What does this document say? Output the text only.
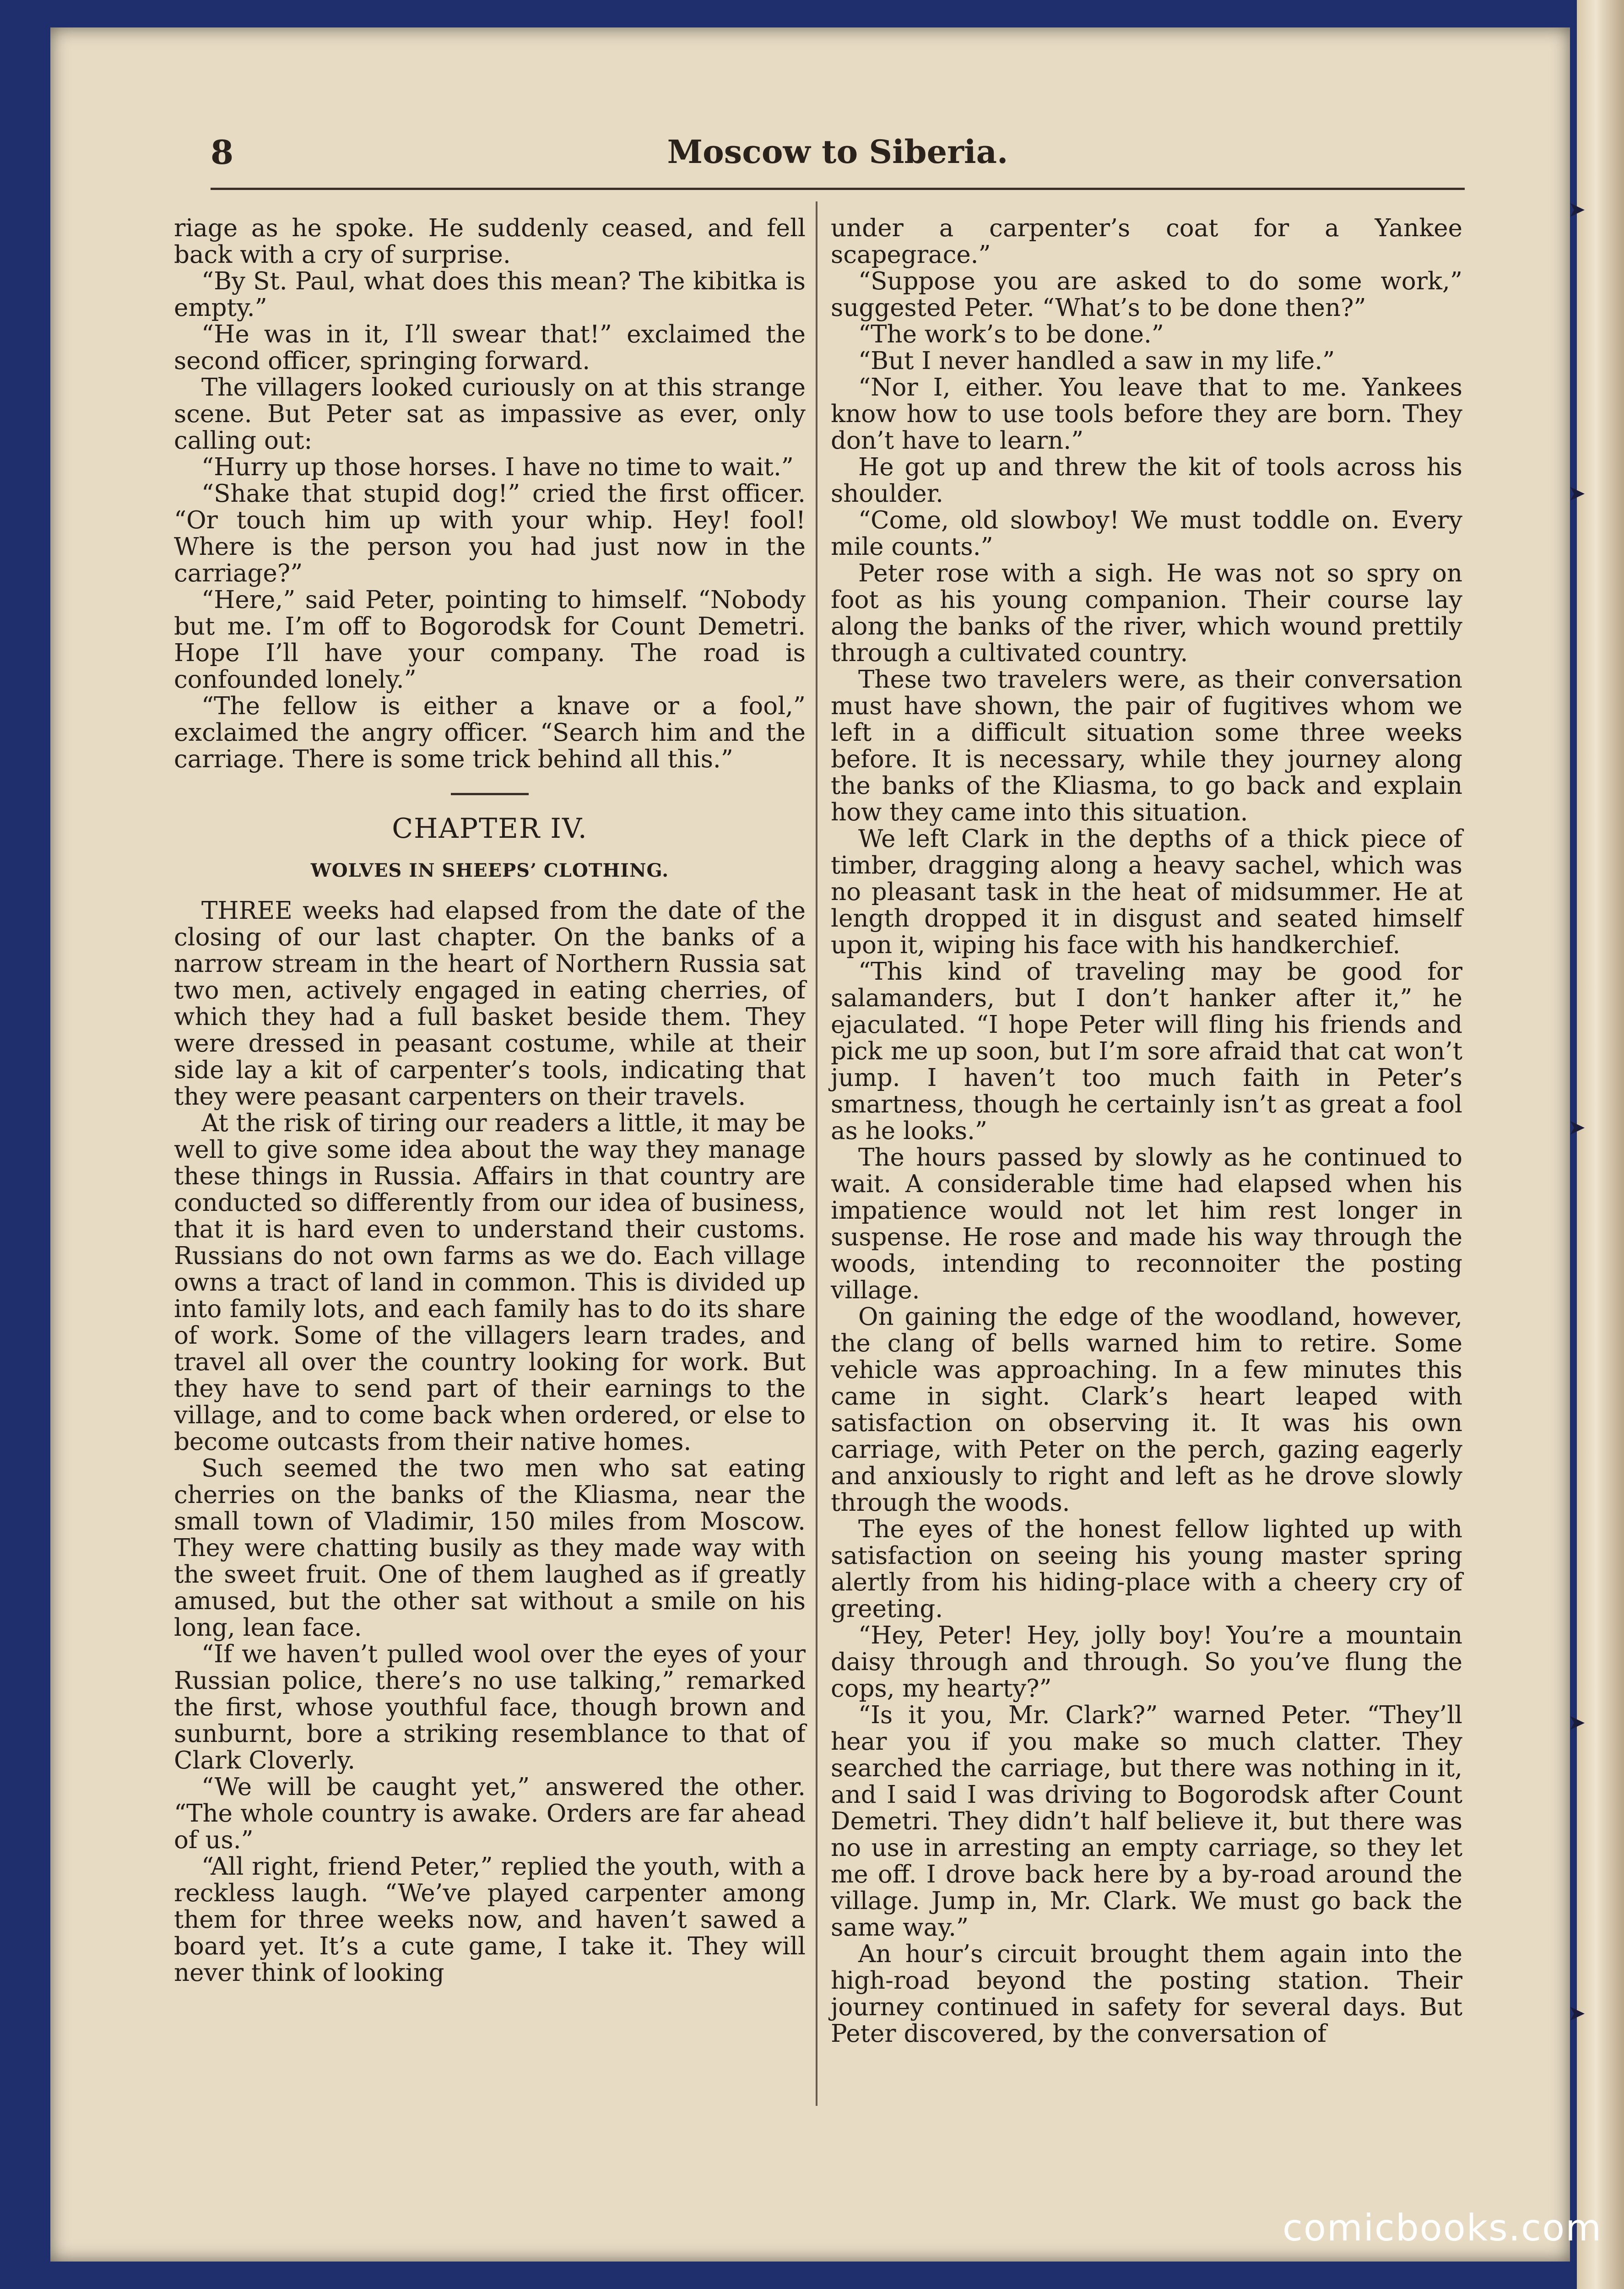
➤
➤
➤
➤
➤
8	Moscow to Siberia.

riage as he spoke. He suddenly ceased, and fell back with a cry of surprise.

“By St. Paul, what does this mean? The kibitka is empty.”

“He was in it, I’ll swear that!” exclaimed the second officer, springing forward.

The villagers looked curiously on at this strange scene. But Peter sat as impassive as ever, only calling out:

“Hurry up those horses. I have no time to wait.”

“Shake that stupid dog!” cried the first officer. “Or touch him up with your whip. Hey! fool! Where is the person you had just now in the carriage?”

“Here,” said Peter, pointing to himself. “Nobody but me. I’m off to Bogorodsk for Count Demetri. Hope I’ll have your company. The road is confounded lonely.”

“The fellow is either a knave or a fool,” exclaimed the angry officer. “Search him and the carriage. There is some trick behind all this.”

CHAPTER IV.
WOLVES IN SHEEPS’ CLOTHING.

THREE weeks had elapsed from the date of the closing of our last chapter. On the banks of a narrow stream in the heart of Northern Russia sat two men, actively engaged in eating cherries, of which they had a full basket beside them. They were dressed in peasant costume, while at their side lay a kit of carpenter’s tools, indicating that they were peasant carpenters on their travels.

At the risk of tiring our readers a little, it may be well to give some idea about the way they manage these things in Russia. Affairs in that country are conducted so differently from our idea of business, that it is hard even to understand their customs. Russians do not own farms as we do. Each village owns a tract of land in common. This is divided up into family lots, and each family has to do its share of work. Some of the villagers learn trades, and travel all over the country looking for work. But they have to send part of their earnings to the village, and to come back when ordered, or else to become outcasts from their native homes.

Such seemed the two men who sat eating cherries on the banks of the Kliasma, near the small town of Vladimir, 150 miles from Moscow. They were chatting busily as they made way with the sweet fruit. One of them laughed as if greatly amused, but the other sat without a smile on his long, lean face.

“If we haven’t pulled wool over the eyes of your Russian police, there’s no use talking,” remarked the first, whose youthful face, though brown and sunburnt, bore a striking resemblance to that of Clark Cloverly.

“We will be caught yet,” answered the other. “The whole country is awake. Orders are far ahead of us.”

“All right, friend Peter,” replied the youth, with a reckless laugh. “We’ve played carpenter among them for three weeks now, and haven’t sawed a board yet. It’s a cute game, I take it. They will never think of looking

under a carpenter’s coat for a Yankee scapegrace.”

“Suppose you are asked to do some work,” suggested Peter. “What’s to be done then?”

“The work’s to be done.”

“But I never handled a saw in my life.”

“Nor I, either. You leave that to me. Yankees know how to use tools before they are born. They don’t have to learn.”

He got up and threw the kit of tools across his shoulder.

“Come, old slowboy! We must toddle on. Every mile counts.”

Peter rose with a sigh. He was not so spry on foot as his young companion. Their course lay along the banks of the river, which wound prettily through a cultivated country.

These two travelers were, as their conversation must have shown, the pair of fugitives whom we left in a difficult situation some three weeks before. It is necessary, while they journey along the banks of the Kliasma, to go back and explain how they came into this situation.

We left Clark in the depths of a thick piece of timber, dragging along a heavy sachel, which was no pleasant task in the heat of midsummer. He at length dropped it in disgust and seated himself upon it, wiping his face with his handkerchief.

“This kind of traveling may be good for salamanders, but I don’t hanker after it,” he ejaculated. “I hope Peter will fling his friends and pick me up soon, but I’m sore afraid that cat won’t jump. I haven’t too much faith in Peter’s smartness, though he certainly isn’t as great a fool as he looks.”

The hours passed by slowly as he continued to wait. A considerable time had elapsed when his impatience would not let him rest longer in suspense. He rose and made his way through the woods, intending to reconnoiter the posting village.

On gaining the edge of the woodland, however, the clang of bells warned him to retire. Some vehicle was approaching. In a few minutes this came in sight. Clark’s heart leaped with satisfaction on observing it. It was his own carriage, with Peter on the perch, gazing eagerly and anxiously to right and left as he drove slowly through the woods.

The eyes of the honest fellow lighted up with satisfaction on seeing his young master spring alertly from his hiding-place with a cheery cry of greeting.

“Hey, Peter! Hey, jolly boy! You’re a mountain daisy through and through. So you’ve flung the cops, my hearty?”

“Is it you, Mr. Clark?” warned Peter. “They’ll hear you if you make so much clatter. They searched the carriage, but there was nothing in it, and I said I was driving to Bogorodsk after Count Demetri. They didn’t half believe it, but there was no use in arresting an empty carriage, so they let me off. I drove back here by a by-road around the village. Jump in, Mr. Clark. We must go back the same way.”

An hour’s circuit brought them again into the high-road beyond the posting station. Their journey continued in safety for several days. But Peter discovered, by the conversation of

comicbooks.com
